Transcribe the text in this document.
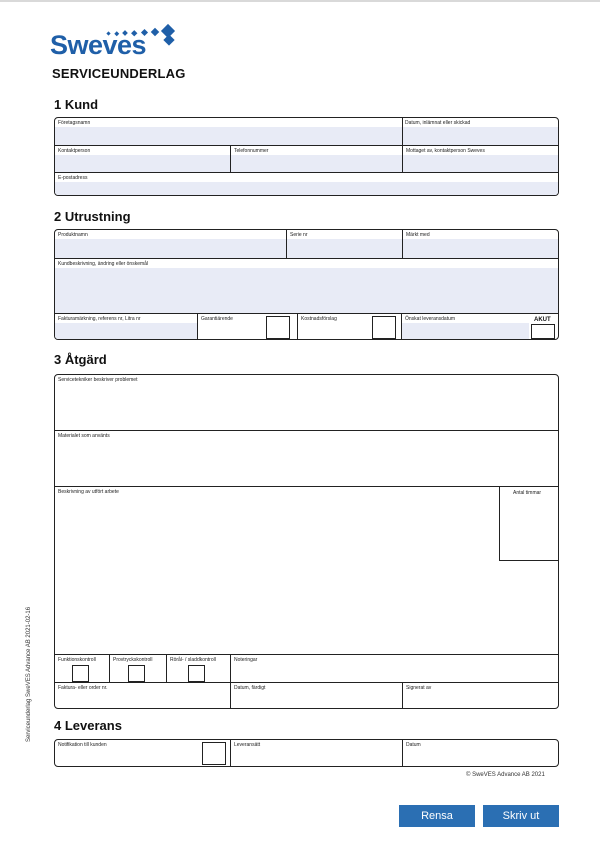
Sweves
SERVICEUNDERLAG
1 Kund
Företagsnamn	Datum, inlämnat eller skickad
Kontaktperson	Telefonnummer	Mottaget av, kontaktperson Sweves
E-postadress
2 Utrustning
Produktnamn	Serie nr	Märkt med
Kundbeskrivning, ändring eller önskemål
Fakturamärkning, referens nr, Litra nr	Garantiärende	Kostnadsförslag	Önskat leveransdatum	AKUT
3 Åtgärd
Servicetekniker beskriver problemet
Materialet som använts
Beskrivning av utfört arbete	Antal timmar
Funktionskontroll	Provtryckskontroll	Rörål- / sladdkontroll	Noteringar
Faktura- eller order nr.	Datum, färdigt	Signerat av
4 Leverans
Notifikation till kunden	Leveransätt	Datum
© SweVES Advance AB 2021
Serviceunderlag SweVES Advance AB 2021-02-16
Rensa	Skriv ut
